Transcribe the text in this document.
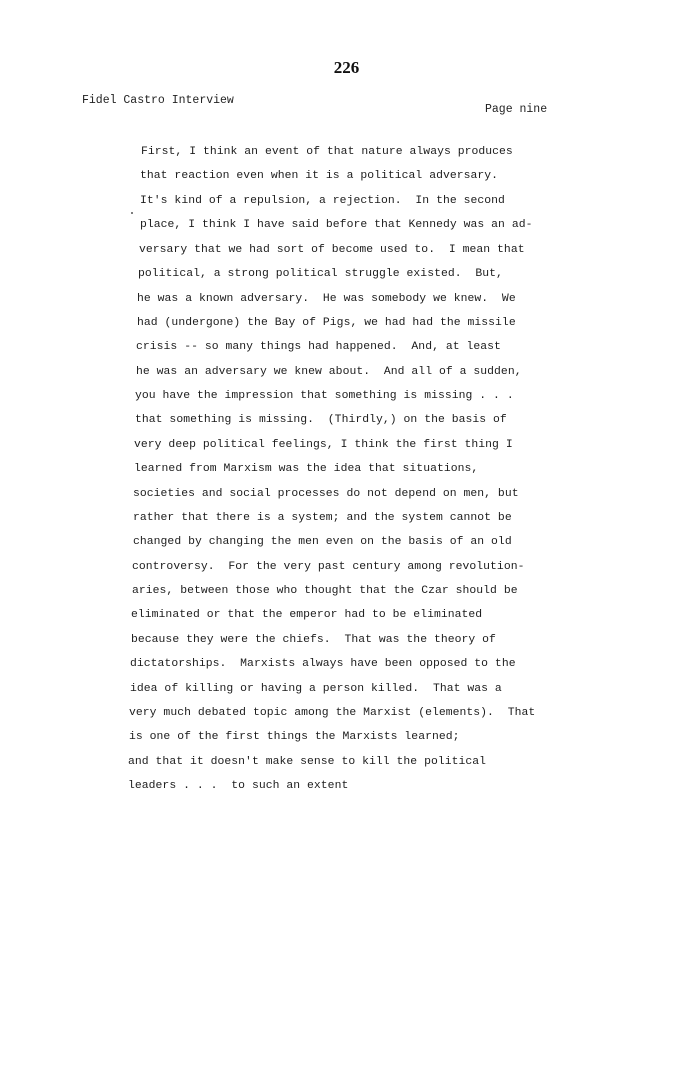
226
Fidel Castro Interview
Page nine
First, I think an event of that nature always produces
that reaction even when it is a political adversary.
It's kind of a repulsion, a rejection.  In the second
place, I think I have said before that Kennedy was an ad-
versary that we had sort of become used to.  I mean that
political, a strong political struggle existed.  But,
he was a known adversary.  He was somebody we knew.  We
had (undergone) the Bay of Pigs, we had had the missile
crisis -- so many things had happened.  And, at least
he was an adversary we knew about.  And all of a sudden,
you have the impression that something is missing . . .
that something is missing.  (Thirdly,) on the basis of
very deep political feelings, I think the first thing I
learned from Marxism was the idea that situations,
societies and social processes do not depend on men, but
rather that there is a system; and the system cannot be
changed by changing the men even on the basis of an old
controversy.  For the very past century among revolution-
aries, between those who thought that the Czar should be
eliminated or that the emperor had to be eliminated
because they were the chiefs.  That was the theory of
dictatorships.  Marxists always have been opposed to the
idea of killing or having a person killed.  That was a
very much debated topic among the Marxist (elements).  That
is one of the first things the Marxists learned;
and that it doesn't make sense to kill the political
leaders . . .  to such an extent
